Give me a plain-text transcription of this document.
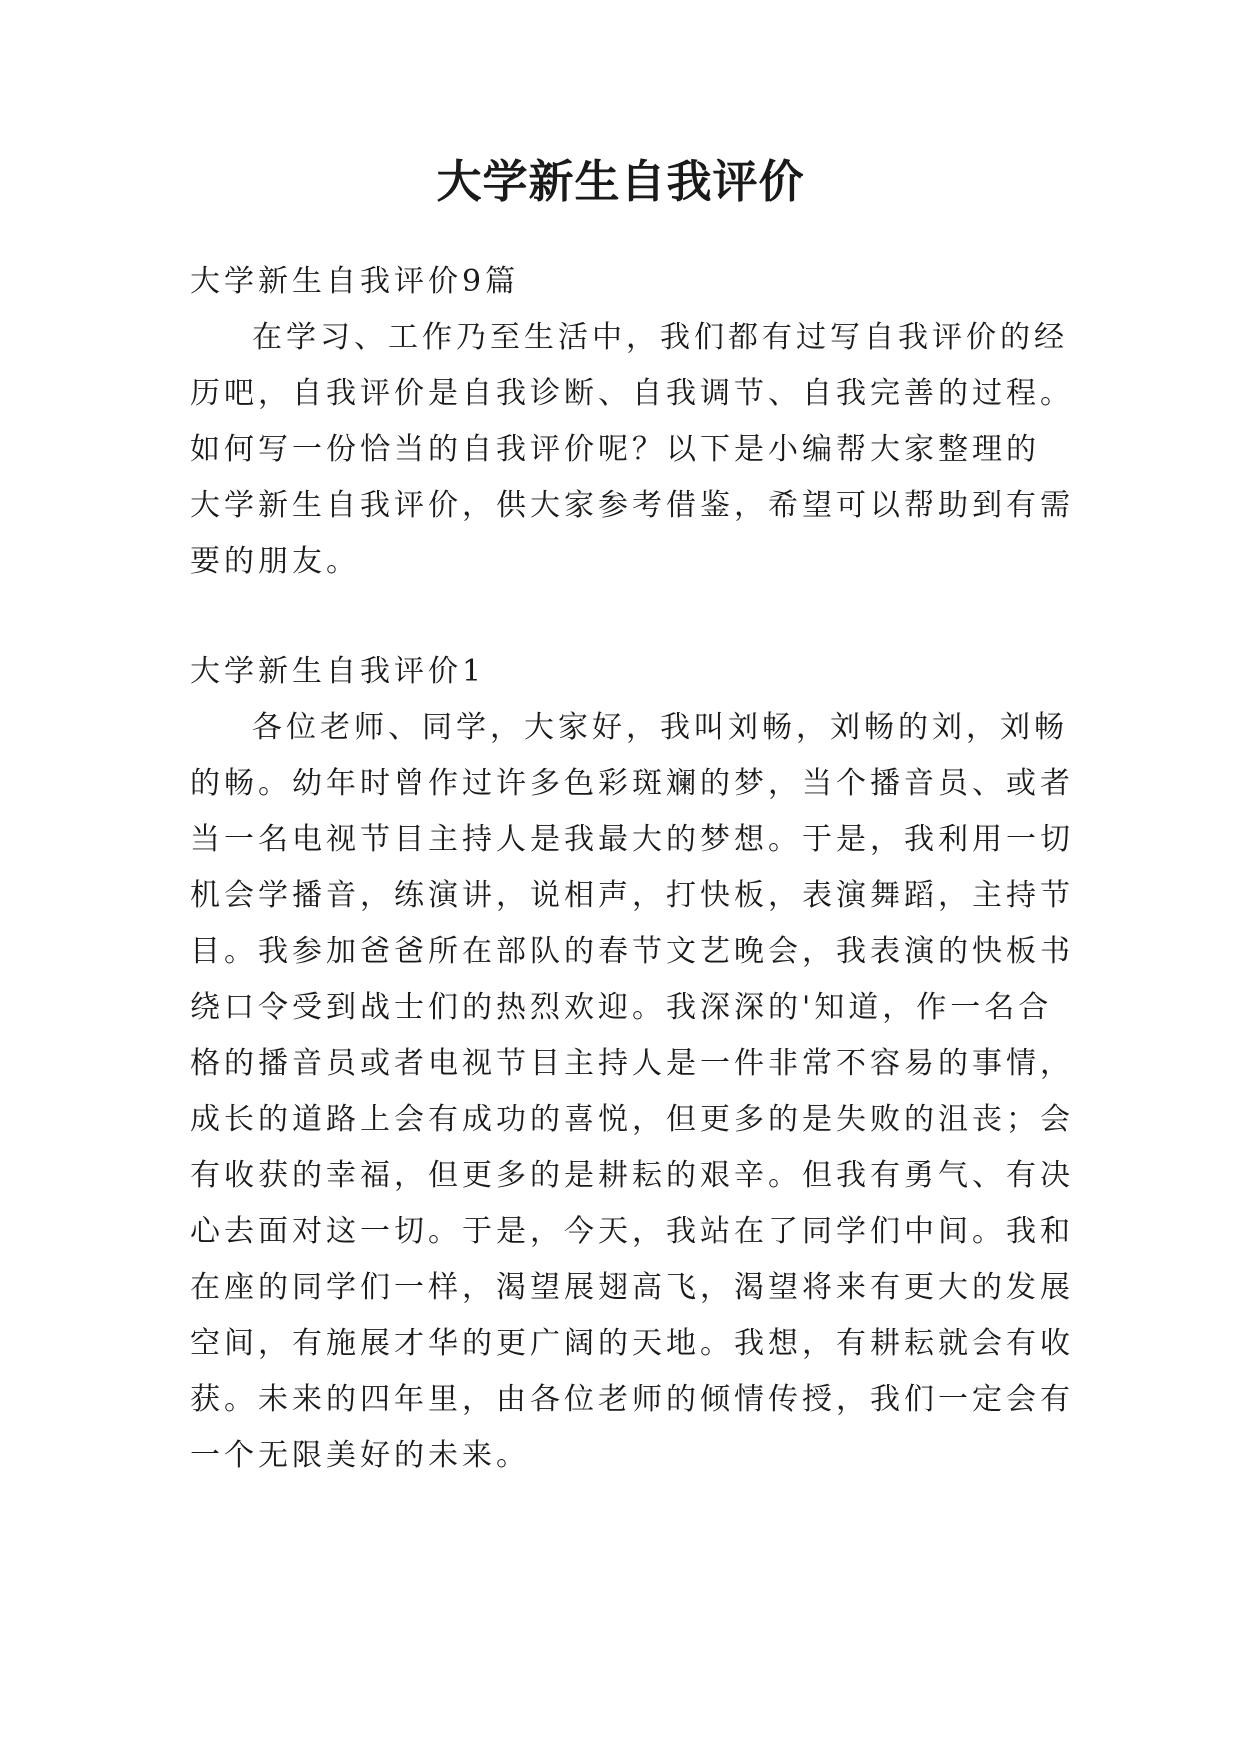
大学新生自我评价

大学新生自我评价9篇

在学习、工作乃至生活中，我们都有过写自我评价的经

历吧，自我评价是自我诊断、自我调节、自我完善的过程。

如何写一份恰当的自我评价呢？以下是小编帮大家整理的

大学新生自我评价，供大家参考借鉴，希望可以帮助到有需

要的朋友。

大学新生自我评价1

各位老师、同学，大家好，我叫刘畅，刘畅的刘，刘畅

的畅。幼年时曾作过许多色彩斑斓的梦，当个播音员、或者

当一名电视节目主持人是我最大的梦想。于是，我利用一切

机会学播音，练演讲，说相声，打快板，表演舞蹈，主持节

目。我参加爸爸所在部队的春节文艺晚会，我表演的快板书

绕口令受到战士们的热烈欢迎。我深深的'知道，作一名合

格的播音员或者电视节目主持人是一件非常不容易的事情，

成长的道路上会有成功的喜悦，但更多的是失败的沮丧；会

有收获的幸福，但更多的是耕耘的艰辛。但我有勇气、有决

心去面对这一切。于是，今天，我站在了同学们中间。我和

在座的同学们一样，渴望展翅高飞，渴望将来有更大的发展

空间，有施展才华的更广阔的天地。我想，有耕耘就会有收

获。未来的四年里，由各位老师的倾情传授，我们一定会有

一个无限美好的未来。
